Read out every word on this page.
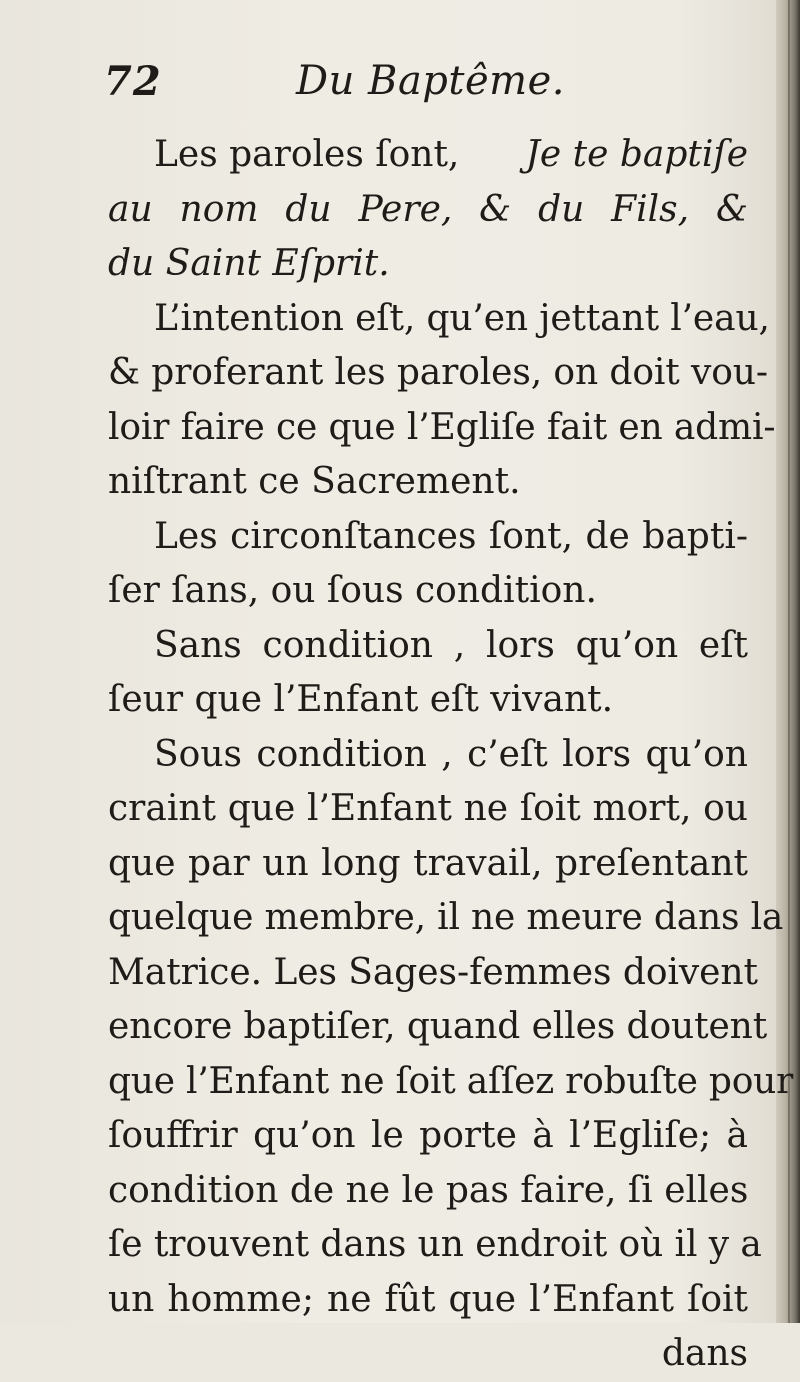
72	Du Baptême.
Les paroles ſont, Je te baptiſe
au nom du Pere, & du Fils, &
du Saint Eſprit.
L’intention eſt, qu’en jettant l’eau,
& proferant les paroles, on doit vou-
loir faire ce que l’Egliſe fait en admi-
niſtrant ce Sacrement.
Les circonſtances ſont, de bapti-
ſer ſans, ou ſous condition.
Sans condition , lors qu’on eſt
ſeur que l’Enfant eſt vivant.
Sous condition , c’eſt lors qu’on
craint que l’Enfant ne ſoit mort, ou
que par un long travail, preſentant
quelque membre, il ne meure dans la
Matrice. Les Sages-femmes doivent
encore baptiſer, quand elles doutent
que l’Enfant ne ſoit aſſez robuſte pour
ſouffrir qu’on le porte à l’Egliſe; à
condition de ne le pas faire, ſi elles
ſe trouvent dans un endroit où il y a
un homme; ne fût que l’Enfant ſoit
dans
